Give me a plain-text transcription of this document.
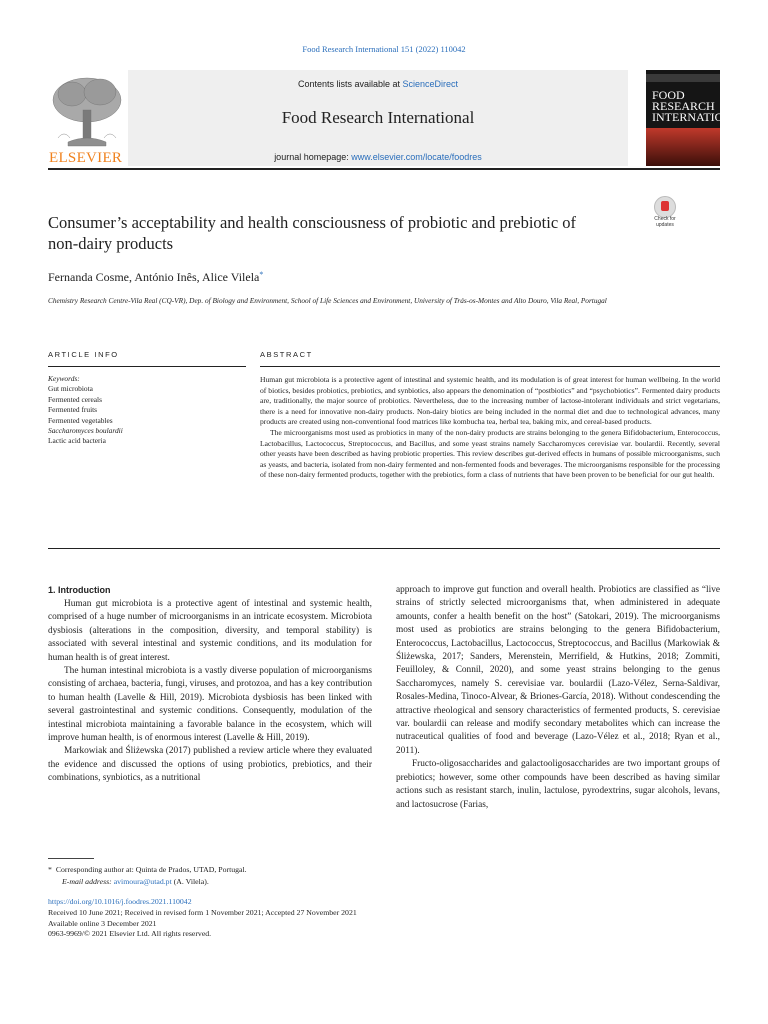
Food Research International 151 (2022) 110042
ELSEVIER
Contents lists available at ScienceDirect
Food Research International
journal homepage: www.elsevier.com/locate/foodres
FOOD RESEARCH INTERNATIONAL
Consumer’s acceptability and health consciousness of probiotic and prebiotic of non-dairy products
Check for updates
Fernanda Cosme, António Inês, Alice Vilela*
Chemistry Research Centre-Vila Real (CQ-VR), Dep. of Biology and Environment, School of Life Sciences and Environment, University of Trás-os-Montes and Alto Douro, Vila Real, Portugal
ARTICLE INFO	ABSTRACT
Keywords:
Gut microbiota
Fermented cereals
Fermented fruits
Fermented vegetables
Saccharomyces boulardii
Lactic acid bacteria

Human gut microbiota is a protective agent of intestinal and systemic health, and its modulation is of great interest for human wellbeing. In the world of biotics, besides probiotics, prebiotics, and synbiotics, also appears the denomination of “postbiotics” and “psychobiotics”. Fermented dairy products are, traditionally, the major source of probiotics. Nevertheless, due to the increasing number of lactose-intolerant individuals and strict vegetarians, there is a need for innovative non-dairy products. Non-dairy biotics are being included in the normal diet and due to technological advances, many products are created using non-conventional food matrices like kombucha tea, herbal tea, baking mix, and cereal-based products.

The microorganisms most used as probiotics in many of the non-dairy products are strains belonging to the genera Bifidobacterium, Enterococcus, Lactobacillus, Lactococcus, Streptococcus, and Bacillus, and some yeast strains namely Saccharomyces cerevisiae var. boulardii. Recently, several other yeasts have been described as having probiotic properties. This review describes gut-derived effects in humans of possible microorganisms, such as yeasts, and bacteria, isolated from non-dairy fermented and non-fermented foods and beverages. The microorganisms responsible for the processing of these non-dairy fermented products, together with the prebiotics, form a class of nutrients that have been proven to be beneficial for our gut health.

1. Introduction

Human gut microbiota is a protective agent of intestinal and systemic health, comprised of a huge number of microorganisms in an intricate ecosystem. Microbiota dysbiosis (alterations in the composition, diversity, and temporal stability) is associated with several intestinal and systemic conditions, and its modulation for human health is of great interest.

The human intestinal microbiota is a vastly diverse population of microorganisms consisting of archaea, bacteria, fungi, viruses, and protozoa, and has a key contribution to human health (Lavelle & Hill, 2019). Microbiota dysbiosis has been linked with several gastrointestinal and systemic conditions. Consequently, modulation of the intestinal microbiota maintaining a favorable balance in the ecosystem, which will improve human health, is of enormous interest (Lavelle & Hill, 2019).

Markowiak and Śliżewska (2017) published a review article where they evaluated the evidence and discussed the options of using probiotics, prebiotics, and their combinations, synbiotics, as a nutritional

approach to improve gut function and overall health. Probiotics are classified as “live strains of strictly selected microorganisms that, when administered in adequate amounts, confer a health benefit on the host” (Satokari, 2019). The microorganisms most used as probiotics are strains belonging to the genera Bifidobacterium, Enterococcus, Lactobacillus, Lactococcus, Streptococcus, and Bacillus (Markowiak & Śliżewska, 2017; Sanders, Merenstein, Merrifield, & Hutkins, 2018; Zommiti, Feuilloley, & Connil, 2020), and some yeast strains belonging to the genus Saccharomyces, namely S. cerevisiae var. boulardii (Lazo-Vélez, Serna-Saldivar, Rosales-Medina, Tinoco-Alvear, & Briones-García, 2018). Without condescending the attractive rheological and sensory characteristics of fermented products, S. cerevisiae var. boulardii can release and modify secondary metabolites which can increase the nutraceutical qualities of food and beverage (Lazo-Vélez et al., 2018; Ryan et al., 2011).

Fructo-oligosaccharides and galactooligosaccharides are two important groups of prebiotics; however, some other compounds have been described as having similar actions such as resistant starch, inulin, lactulose, pyrodextrins, sugar alcohols, levans, and lactosucrose (Farias,

* Corresponding author at: Quinta de Prados, UTAD, Portugal.
E-mail address: avimoura@utad.pt (A. Vilela).
https://doi.org/10.1016/j.foodres.2021.110042
Received 10 June 2021; Received in revised form 1 November 2021; Accepted 27 November 2021
Available online 3 December 2021
0963-9969/© 2021 Elsevier Ltd. All rights reserved.
